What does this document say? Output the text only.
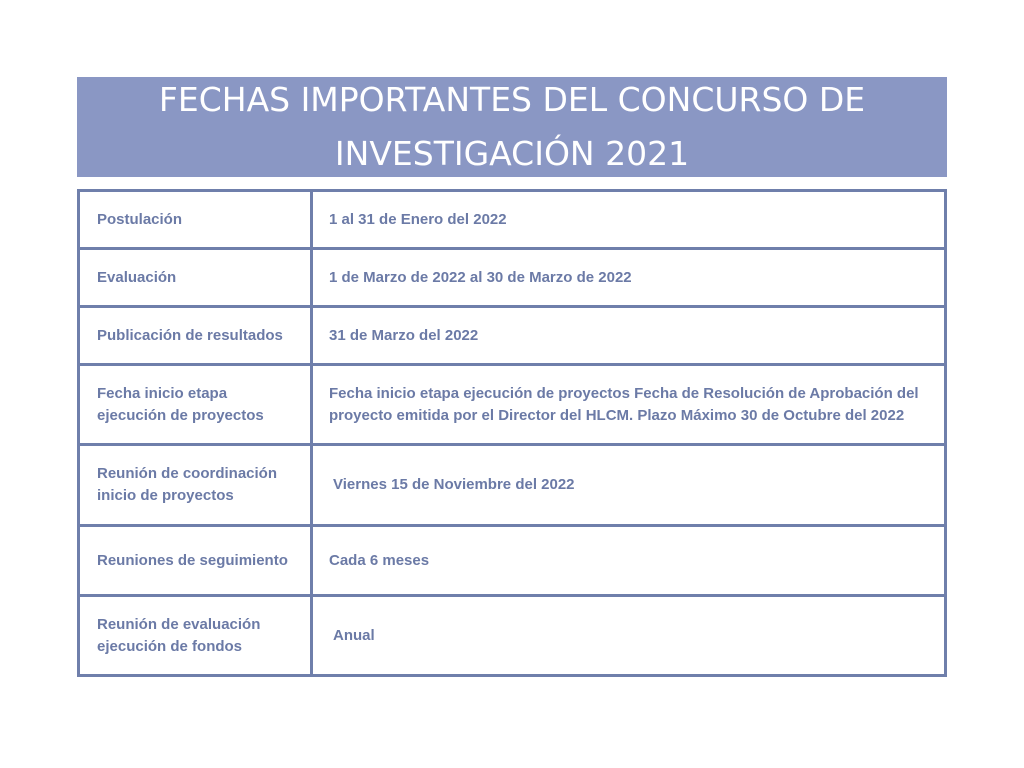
FECHAS IMPORTANTES DEL CONCURSO DE INVESTIGACIÓN 2021
Postulación	1 al 31 de Enero del 2022
Evaluación	1 de Marzo de 2022 al 30 de Marzo de 2022
Publicación de resultados	31 de Marzo del 2022
Fecha inicio etapa ejecución de proyectos	Fecha inicio etapa ejecución de proyectos Fecha de Resolución de Aprobación del proyecto emitida por el Director del HLCM. Plazo Máximo 30 de Octubre del 2022
Reunión de coordinación inicio de proyectos	Viernes 15 de Noviembre del 2022
Reuniones de seguimiento	Cada 6 meses
Reunión de evaluación ejecución de fondos	Anual
